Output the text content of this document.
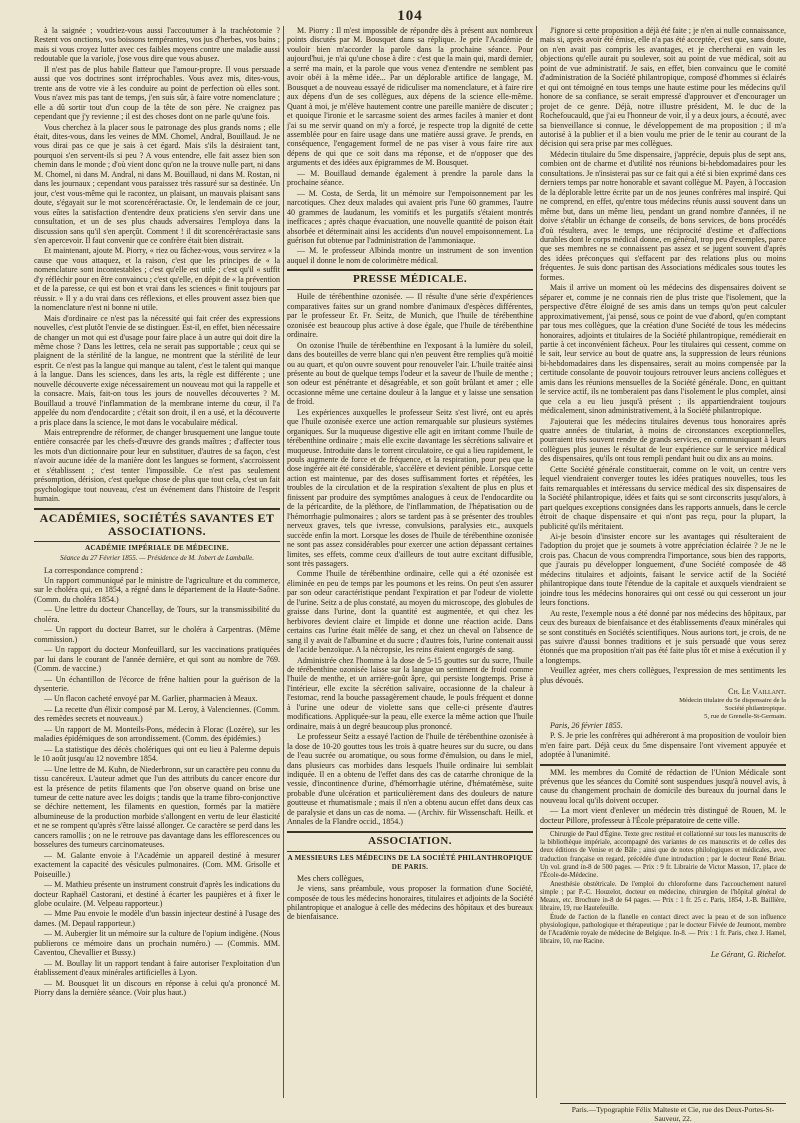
104

à la saignée ; voudriez-vous aussi l'accoutumer à la trachéotomie ? Restent vos onctions, vos boissons tempérantes, vos jus d'herbes, vos bains ; mais si vous croyez lutter avec ces faibles moyens contre une maladie aussi redoutable que la variole, j'ose vous dire que vous abusez.

Il n'est pas de plus habile flatteur que l'amour-propre. Il vous persuade aussi que vos doctrines sont irréprochables. Vous avez mis, dites-vous, trente ans de votre vie à les conduire au point de perfection où elles sont. Vous n'avez mis pas tant de temps, j'en suis sûr, à faire votre nomenclature ; elle a dû sortir tout d'un coup de la tête de son père. Ne craignez pas cependant que j'y revienne ; il est des choses dont on ne parle qu'une fois.

Vous cherchez à la placer sous le patronage des plus grands noms ; elle était, dites-vous, dans les veines de MM. Chomel, Andral, Bouillaud. Je ne vous dirai pas ce que je sais à cet égard. Mais s'ils la désiraient tant, pourquoi s'en servent-ils si peu ? A vous entendre, elle fait assez bien son chemin dans le monde ; d'où vient donc qu'on ne la trouve nulle part, ni dans M. Chomel, ni dans M. Andral, ni dans M. Bouillaud, ni dans M. Rostan, ni dans les journaux ; cependant vous paraissez très rassuré sur sa destinée. Un jour, c'est vous-même qui le racontez, un plaisant, un mauvais plaisant sans doute, s'égayait sur le mot scorencéréractasie. Or, le lendemain de ce jour, vous eûtes la satisfaction d'entendre deux praticiens s'en servir dans une consultation, et un de ses plus chauds adversaires l'employa dans la discussion sans qu'il s'en aperçût. Comment ! il dit scorencéréractasie sans s'en apercevoir. Il faut convenir que ce confrère était bien distrait.

Et maintenant, ajoute M. Piorry, « riez ou fâchez-vous, vous servirez « la cause que vous attaquez, et la raison, c'est que les principes de « la nomenclature sont incontestables ; c'est qu'elle est utile ; c'est qu'il « suffit d'y réfléchir pour en être convaincu ; c'est qu'elle, en dépit de « la prévention et de la paresse, ce qui est bon et vrai dans les sciences « finit toujours par réussir. » Il y a du vrai dans ces réflexions, et elles prouvent assez bien que la nomenclature n'est ni bonne ni utile.

Mais d'ordinaire ce n'est pas la nécessité qui fait créer des expressions nouvelles, c'est plutôt l'envie de se distinguer. Est-il, en effet, bien nécessaire de changer un mot qui est d'usage pour faire place à un autre qui doit dire la même chose ? Dans les lettres, cela ne serait pas supportable ; ceux qui se plaignent de la stérilité de la langue, ne montrent que la stérilité de leur esprit. Ce n'est pas la langue qui manque au talent, c'est le talent qui manque à la langue. Dans les sciences, dans les arts, la règle est différente ; une nouvelle découverte exige nécessairement un nouveau mot qui la rappelle et la consacre. Mais, fait-on tous les jours de nouvelles découvertes ? M. Bouillaud a trouvé l'inflammation de la membrane interne du cœur, il l'a appelée du nom d'endocardite ; c'était son droit, il en a usé, et la découverte a pris place dans la science, le mot dans le vocabulaire médical.

Mais entreprendre de réformer, de changer brusquement une langue toute entière consacrée par les chefs-d'œuvre des grands maîtres ; d'affecter tous les mots d'un dictionnaire pour leur en substituer, d'autres de sa façon, c'est n'avoir aucune idée de la manière dont les langues se forment, s'accroissent et s'établissent ; c'est tenter l'impossible. Ce n'est pas seulement présomption, dérision, c'est quelque chose de plus que tout cela, c'est un fait psychologique tout nouveau, c'est un événement dans l'histoire de l'esprit humain.

ACADÉMIES, SOCIÉTÉS SAVANTES ET ASSOCIATIONS.
ACADÉMIE IMPÉRIALE DE MÉDECINE.
Séance du 27 Février 1855. — Présidence de M. Jobert de Lamballe.

La correspondance comprend :

Un rapport communiqué par le ministre de l'agriculture et du commerce, sur le choléra qui, en 1854, a régné dans le département de la Haute-Saône. (Comm. du choléra 1854.)

— Une lettre du docteur Chancellay, de Tours, sur la transmissibilité du choléra.

— Un rapport du docteur Barret, sur le choléra à Carpentras. (Même commission.)

— Un rapport du docteur Monfeuillard, sur les vaccinations pratiquées par lui dans le courant de l'année dernière, et qui sont au nombre de 769. (Comm. de vaccine.)

— Un échantillon de l'écorce de frêne haltien pour la guérison de la dysenterie.

— Un flacon cacheté envoyé par M. Garlier, pharmacien à Meaux.

— La recette d'un élixir composé par M. Leroy, à Valenciennes. (Comm. des remèdes secrets et nouveaux.)

— Un rapport de M. Monteils-Pons, médecin à Florac (Lozère), sur les maladies épidémiques de son arrondissement. (Comm. des épidémies.)

— La statistique des décès cholériques qui ont eu lieu à Palerme depuis le 10 août jusqu'au 12 novembre 1854.

— Une lettre de M. Kuhn, de Niederbronn, sur un caractère peu connu du tissu cancéreux. L'auteur admet que l'un des attributs du cancer encore dur est la présence de petits filaments que l'on observe quand on brise une tumeur de cette nature avec les doigts ; tandis que la trame fibro-conjonctive se déchire nettement, les filaments en question, formés par la matière albumineuse de la production morbide s'allongent en vertu de leur élasticité et ne se rompent qu'après s'être laissé allonger. Ce caractère se perd dans les cancers ramollis ; on ne le retrouve pas davantage dans les efflorescences ou bosselures des tumeurs carcinomateuses.

— M. Galante envoie à l'Académie un appareil destiné à mesurer exactement la capacité des vésicules pulmonaires. (Com. MM. Grisolle et Poiseuille.)

— M. Mathieu présente un instrument construit d'après les indications du docteur Raphaël Castorani, et destiné à écarter les paupières et à fixer le globe oculaire. (M. Velpeau rapporteur.)

— Mme Pau envoie le modèle d'un bassin injecteur destiné à l'usage des dames. (M. Depaul rapporteur.)

— M. Aubergier lit un mémoire sur la culture de l'opium indigène. (Nous publierons ce mémoire dans un prochain numéro.) — (Commis. MM. Caventou, Chevallier et Bussy.)

— M. Boullay lit un rapport tendant à faire autoriser l'exploitation d'un établissement d'eaux minérales artificielles à Lyon.

— M. Bousquet lit un discours en réponse à celui qu'a prononcé M. Piorry dans la dernière séance. (Voir plus haut.)

M. Piorry : Il m'est impossible de répondre dès à présent aux nombreux points discutés par M. Bousquet dans sa réplique. Je prie l'Académie de vouloir bien m'accorder la parole dans la prochaine séance. Pour aujourd'hui, je n'ai qu'une chose à dire : c'est que la main qui, mardi dernier, a serré ma main, et la parole que vous venez d'entendre ne semblent pas avoir obéi à la même idée... Par un déplorable artifice de langage, M. Bousquet a de nouveau essayé de ridiculiser ma nomenclature, et à faire rire aux dépens d'un de ses collègues, aux dépens de la science elle-même. Quant à moi, je m'élève hautement contre une pareille manière de discuter ; et quoique l'ironie et le sarcasme soient des armes faciles à manier et dont j'ai su me servir quand on m'y a forcé, je respecte trop la dignité de cette assemblée pour en faire usage dans une matière aussi grave. Je prends, en conséquence, l'engagement formel de ne pas viser à vous faire rire aux dépens de qui que ce soit dans ma réponse, et de n'opposer que des arguments et des idées aux épigrammes de M. Bousquet.

— M. Bouillaud demande également à prendre la parole dans la prochaine séance.

— M. Costa, de Serda, lit un mémoire sur l'empoisonnement par les narcotiques. Chez deux malades qui avaient pris l'une 60 grammes, l'autre 40 grammes de laudanum, les vomitifs et les purgatifs s'étaient montrés inefficaces ; après chaque évacuation, une nouvelle quantité de poison était absorbée et déterminait ainsi les accidents d'un nouvel empoisonnement. La guérison fut obtenue par l'administration de l'ammoniaque.

— M. le professeur Albinda montre un instrument de son invention auquel il donne le nom de colorimètre médical.

PRESSE MÉDICALE.

Huile de térébenthine ozonisée. — Il résulte d'une série d'expériences comparatives faites sur un grand nombre d'animaux d'espèces différentes, par le professeur Er. Fr. Seitz, de Munich, que l'huile de térébenthine ozonisée est beaucoup plus active à dose égale, que l'huile de térébenthine ordinaire.

On ozonise l'huile de térébenthine en l'exposant à la lumière du soleil, dans des bouteilles de verre blanc qui n'en peuvent être remplies qu'à moitié ou au quart, et qu'on ouvre souvent pour renouveler l'air. L'huile traitée ainsi présente au bout de quelque temps l'odeur et la saveur de l'huile de menthe ; son odeur est pénétrante et désagréable, et son goût brûlant et amer ; elle occasionne même une certaine douleur à la langue et y laisse une sensation de froid.

Les expériences auxquelles le professeur Seitz s'est livré, ont eu après que l'huile ozonisée exerce une action remarquable sur plusieurs systèmes organiques. Sur la muqueuse digestive elle agit en irritant comme l'huile de térébenthine ordinaire ; mais elle excite davantage les sécrétions salivaire et muqueuse. Introduite dans le torrent circulatoire, ce qui a lieu rapidement, le pouls augmente de force et de fréquence, et la respiration, pour peu que la dose ingérée ait été considérable, s'accélère et devient pénible. Lorsque cette action est maintenue, par des doses suffisamment fortes et répétées, les troubles de la circulation et de la respiration s'exaltent de plus en plus et finissent par produire des symptômes analogues à ceux de l'endocardite ou de la péricardite, de la pléthore, de l'inflammation, de l'hépatisation ou de l'hémorrhagie pulmonaires ; alors se tardent pas à se présenter des troubles nerveux graves, tels que ivresse, convulsions, paralysies etc., auxquels succède enfin la mort. Lorsque les doses de l'huile de térébenthine ozonisée ne sont pas assez considérables pour exercer une action dépassant certaines limites, ses effets, comme ceux d'ailleurs de tout autre excitant diffusible, sont très passagers.

Comme l'huile de térébenthine ordinaire, celle qui a été ozonisée est éliminée en peu de temps par les poumons et les reins. On peut s'en assurer par son odeur caractéristique pendant l'expiration et par l'odeur de violette de l'urine. Seitz a de plus constaté, au moyen du microscope, des globules de graisse dans l'urine, dont la quantité est augmentée, et qui chez les herbivores devient claire et limpide et donne une réaction acide. Dans certains cas l'urine était mêlée de sang, et chez un cheval on l'absence de sang il y avait de l'albumine et du sucre ; d'autres fois, l'urine contenait aussi de l'acide benzoïque. A la nécropsie, les reins étaient engorgés de sang.

Administrée chez l'homme à la dose de 5-15 gouttes sur du sucre, l'huile de térébenthine ozonisée laisse sur la langue un sentiment de froid comme l'huile de menthe, et un arrière-goût âpre, qui persiste longtemps. Prise à l'intérieur, elle excite la sécrétion salivaire, occasionne de la chaleur à l'estomac, rend la bouche passagèrement chaude, le pouls fréquent et donne à l'urine une odeur de violette sans que celle-ci présente d'autres modifications. Appliquée-sur la peau, elle exerce la même action que l'huile ordinaire, mais à un degré beaucoup plus prononcé.

Le professeur Seitz a essayé l'action de l'huile de térébenthine ozonisée à la dose de 10-20 gouttes tous les trois à quatre heures sur du sucre, ou dans de l'eau sucrée ou aromatique, ou sous forme d'émulsion, ou dans le miel, dans plusieurs cas morbides dans lesquels l'huile ordinaire lui semblait indiquée. Il en a obtenu de l'effet dans des cas de catarrhe chronique de la vessie, d'incontinence d'urine, d'hémorrhagie utérine, d'hématémèse, suite probable d'une ulcération et particulièrement dans des douleurs de nature goutteuse et rhumatismale ; mais il n'en a obtenu aucun effet dans deux cas de paralysie et dans un cas de noma. — (Archiv. für Wissenschaft. Heilk. et Annales de la Flandre occid., 1854.)

ASSOCIATION.
A MESSIEURS LES MÉDECINS DE LA SOCIÉTÉ PHILANTHROPIQUE DE PARIS.

Mes chers collègues,

Je viens, sans préambule, vous proposer la formation d'une Société, composée de tous les médecins honoraires, titulaires et adjoints de la Société philantropique et analogue à celle des médecins des hôpitaux et des bureaux de bienfaisance.

J'ignore si cette proposition a déjà été faite ; je n'en ai nulle connaissance, mais si, après avoir été émise, elle n'a pas été acceptée, c'est que, sans doute, on n'en avait pas compris les avantages, et je chercherai en vain les objections qu'elle aurait pu soulever, soit au point de vue médical, soit au point de vue administratif. Je sais, en effet, bien convaincu que le comité d'administration de la Société philantropique, composé d'hommes si éclairés et qui ont témoigné en tous temps une haute estime pour les médecins qu'il honore de sa confiance, se serait empressé d'approuver et d'encourager un projet de ce genre. Déjà, notre illustre président, M. le duc de la Rochefoucauld, que j'ai eu l'honneur de voir, il y a deux jours, a écouté, avec sa bienveillance si connue, le développement de ma proposition ; il m'a autorisé à la publier et il a bien voulu me prier de le tenir au courant de la décision qui sera prise par mes collègues.

Médecin titulaire du 5me dispensaire, j'apprécie, depuis plus de sept ans, combien ont de charme et d'utilité nos réunions bi-hebdomadaires pour les consultations. Je n'insisterai pas sur ce fait qui a été si bien exprimé dans ces derniers temps par notre honorable et savant collègue M. Payen, à l'occasion de la déplorable lettre écrite par un de nos jeunes confrères mal inspiré. Qui ne comprend, en effet, qu'entre tous médecins réunis aussi souvent dans un même but, dans un même lieu, pendant un grand nombre d'années, il ne doive s'établir un échange de conseils, de bons services, de bons procédés d'où résultera, avec le temps, une réciprocité d'estime et d'affections durables dont le corps médical donne, en général, trop peu d'exemples, parce que ses membres ne se connaissent pas assez et se jugent souvent d'après des idées préconçues qui s'effacent par des relations plus ou moins fréquentes. Je suis donc partisan des Associations médicales sous toutes les formes.

Mais il arrive un moment où les médecins des dispensaires doivent se séparer et, comme je ne connais rien de plus triste que l'isolement, que la perspective d'être éloigné de ses amis dans un temps qu'on peut calculer approximativement, j'ai pensé, sous ce point de vue d'abord, qu'en comptant par tous mes collègues, que la création d'une Société de tous les médecins honoraires, adjoints et titulaires de la Société philantropique, remédierait en partie à cet inconvénient fâcheux. Pour les titulaires qui cessent, comme on le sait, leur service au bout de quatre ans, la suppression de leurs réunions bi-hebdomadaires dans les dispensaires, serait au moins compensée par la certitude consolante de pouvoir toujours retrouver leurs anciens collègues et amis dans les réunions mensuelles de la Société générale. Donc, en quittant le service actif, ils ne tomberaient pas dans l'isolement le plus complet, ainsi que cela a eu lieu jusqu'à présent ; ils appartiendraient toujours médicalement, sinon administrativement, à la Société philantropique.

J'ajouterai que les médecins titulaires devenus tous honoraires après quatre années de titulariat, à moins de circonstances exceptionnelles, pourraient très souvent rendre de grands services, en communiquant à leurs collègues plus jeunes le résultat de leur expérience sur le service médical des dispensaires, qu'ils ont tous rempli pendant huit ou dix ans au moins.

Cette Société générale constituerait, comme on le voit, un centre vers lequel viendraient converger toutes les idées pratiques nouvelles, tous les faits remarquables et intéressans du service médical des six dispensaires de la Société philantropique, idées et faits qui se sont circonscrits jusqu'alors, à part quelques exceptions consignées dans les rapports annuels, dans le cercle étroit de chaque dispensaire et qui n'ont pas reçu, pour la plupart, la publicité qu'ils méritaient.

Ai-je besoin d'insister encore sur les avantages qui résulteraient de l'adoption du projet que je soumets à votre appréciation éclairée ? Je ne le crois pas. Chacun de vous comprendra l'importance, sous bien des rapports, que j'aurais pu développer longuement, d'une Société composée de 48 médecins titulaires et adjoints, faisant le service actif de la Société philantropique dans toute l'étendue de la capitale et auxquels viendraient se joindre tous les médecins honoraires qui ont cessé ou qui cesseront un jour leurs fonctions.

Au reste, l'exemple nous a été donné par nos médecins des hôpitaux, par ceux des bureaux de bienfaisance et des établissements d'eaux minérales qui se sont constitués en Sociétés scientifiques. Nous aurions tort, je crois, de ne pas suivre d'aussi bonnes traditions et je suis persuadé que vous serez étonnés que ma proposition n'ait pas été faite plus tôt et mise à exécution il y a longtemps.

Veuillez agréer, mes chers collègues, l'expression de mes sentiments les plus dévoués.

Ch. Le Vaillant.
Médecin titulaire du 5e dispensaire de la
Société philantropique.
5, rue de Grenelle-St-Germain.

Paris, 26 février 1855.

P. S. Je prie les confrères qui adhéreront à ma proposition de vouloir bien m'en faire part. Déjà ceux du 5me dispensaire l'ont vivement appuyée et adoptée à l'unanimité.

MM. les membres du Comité de rédaction de l'Union Médicale sont prévenus que les séances du Comité sont suspendues jusqu'à nouvel avis, à cause du changement prochain de domicile des bureaux du journal dans le nouveau local qu'ils doivent occuper.

— La mort vient d'enlever un médecin très distingué de Rouen, M. le docteur Pillore, professeur à l'École préparatoire de cette ville.

Chirurgie de Paul d'Égine. Texte grec restitué et collationné sur tous les manuscrits de la bibliothèque impériale, accompagné des variantes de ces manuscrits et de celles des deux éditions de Venise et de Bâle ; ainsi que de notes philologiques et médicales, avec traduction française en regard, précédée d'une introduction ; par le docteur René Briau. Un vol. grand in-8 de 500 pages. — Prix : 9 fr. Librairie de Victor Masson, 17, place de l'École-de-Médecine.

Anesthésie obstétricale. De l'emploi du chloroforme dans l'accouchement naturel simple ; par P.-C. Houzelot, docteur en médecine, chirurgien de l'hôpital général de Meaux, etc. Brochure in-8 de 64 pages. — Prix : 1 fr. 25 c. Paris, 1854, J.-B. Baillière, libraire, 19, rue Hautefeuille.

Étude de l'action de la flanelle en contact direct avec la peau et de son influence physiologique, pathologique et thérapeutique ; par le docteur Fiévée de Jeumont, membre de l'Académie royale de médecine de Belgique. In-8. — Prix : 1 fr. Paris, chez J. Hamel, libraire, 10, rue Racine.

Le Gérant, G. Richelot.
Paris.—Typographie Félix Malteste et Cie, rue des Deux-Portes-St-Sauveur, 22.
